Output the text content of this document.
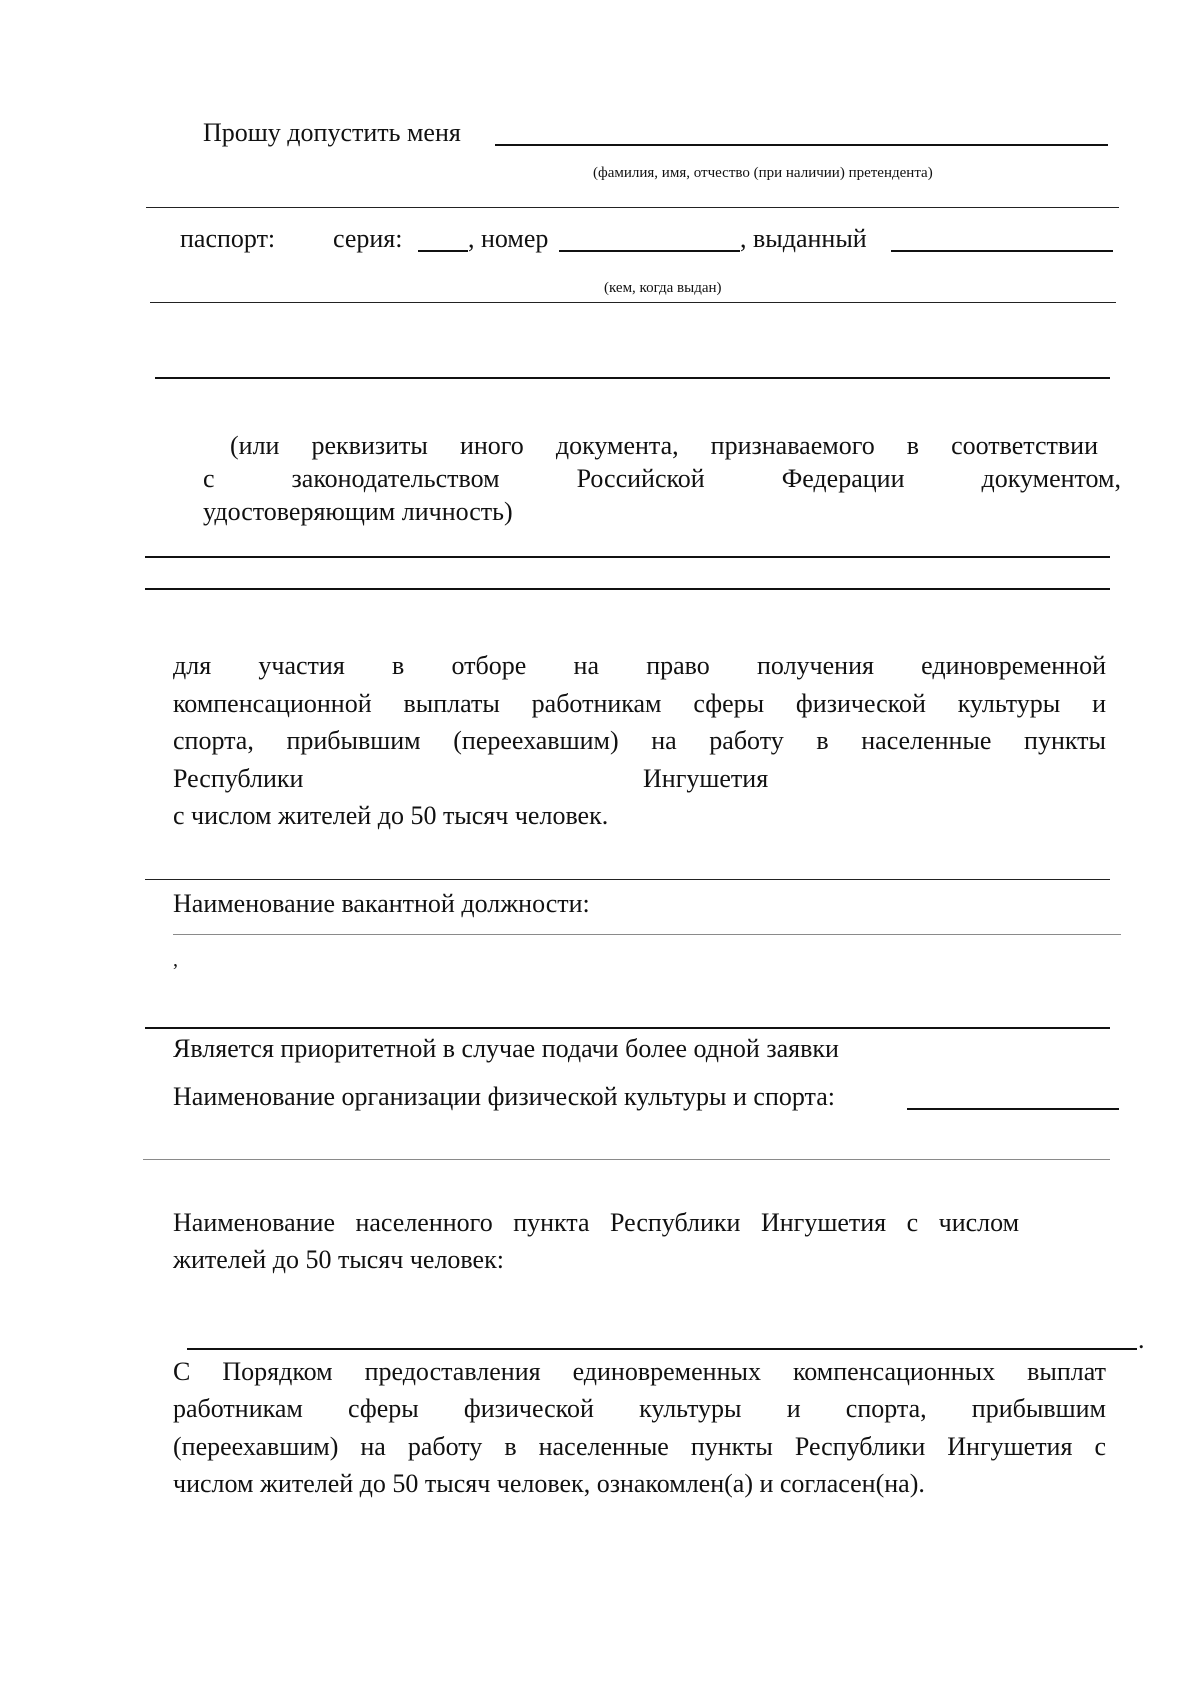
Прошу допустить меня
(фамилия, имя, отчество (при наличии) претендента)
паспорт: серия:	, номер	, выданный
(кем, когда выдан)
(или реквизиты иного документа, признаваемого в соответствии
с законодательством Российской Федерации документом,
удостоверяющим личность)
для участия в отборе на право получения единовременной
компенсационной выплаты работникам сферы физической культуры и
спорта, прибывшим (переехавшим) на работу в населенные пункты
Республики	Ингушетия
с числом жителей до 50 тысяч человек.
Наименование вакантной должности:
,
Является приоритетной в случае подачи более одной заявки
Наименование организации физической культуры и спорта:
Наименование населенного пункта Республики Ингушетия с числом
жителей до 50 тысяч человек:
.
С Порядком предоставления единовременных компенсационных выплат
работникам сферы физической культуры и спорта, прибывшим
(переехавшим) на работу в населенные пункты Республики Ингушетия с
числом жителей до 50 тысяч человек, ознакомлен(а) и согласен(на).
